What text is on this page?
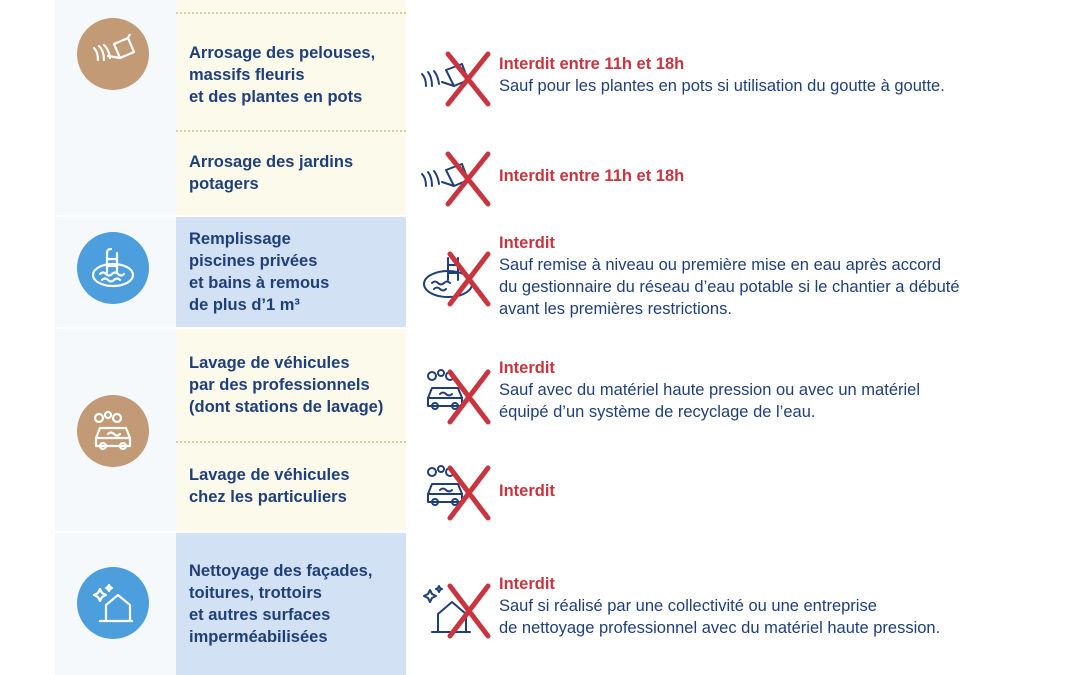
Arrosage des pelouses,
massifs fleuris
et des plantes en pots
Arrosage des jardins
potagers
Remplissage
piscines privées
et bains à remous
de plus d’1 m³
Lavage de véhicules
par des professionnels
(dont stations de lavage)
Lavage de véhicules
chez les particuliers
Nettoyage des façades,
toitures, trottoirs
et autres surfaces
imperméabilisées
Interdit entre 11h et 18h
Sauf pour les plantes en pots si utilisation du goutte à goutte.
Interdit entre 11h et 18h
Interdit
Sauf remise à niveau ou première mise en eau après accord
du gestionnaire du réseau d’eau potable si le chantier a débuté
avant les premières restrictions.
Interdit
Sauf avec du matériel haute pression ou avec un matériel
équipé d’un système de recyclage de l’eau.
Interdit
Interdit
Sauf si réalisé par une collectivité ou une entreprise
de nettoyage professionnel avec du matériel haute pression.
